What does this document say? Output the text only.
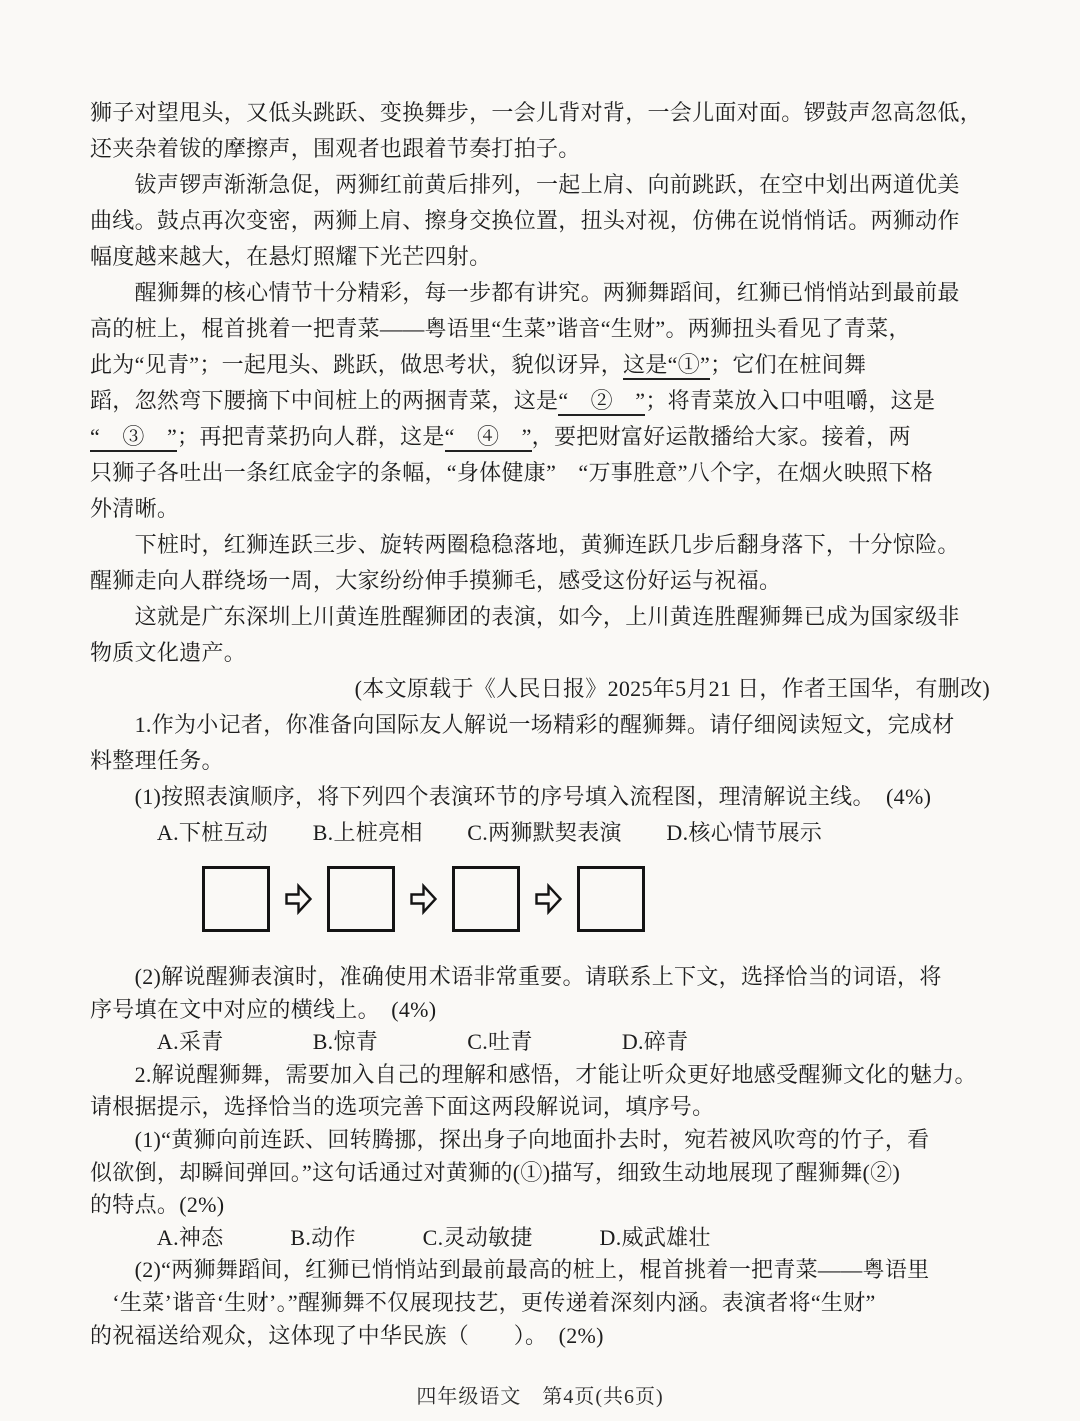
狮子对望甩头，又低头跳跃、变换舞步，一会儿背对背，一会儿面对面。锣鼓声忽高忽低，
还夹杂着钹的摩擦声，围观者也跟着节奏打拍子。
　　钹声锣声渐渐急促，两狮红前黄后排列，一起上肩、向前跳跃，在空中划出两道优美
曲线。鼓点再次变密，两狮上肩、擦身交换位置，扭头对视，仿佛在说悄悄话。两狮动作
幅度越来越大，在悬灯照耀下光芒四射。
　　醒狮舞的核心情节十分精彩，每一步都有讲究。两狮舞蹈间，红狮已悄悄站到最前最
高的桩上，棍首挑着一把青菜——粤语里“生菜”谐音“生财”。两狮扭头看见了青菜，
此为“见青”；一起甩头、跳跃，做思考状，貌似讶异，这是“①”；它们在桩间舞
蹈，忽然弯下腰摘下中间桩上的两捆青菜，这是“　②　”；将青菜放入口中咀嚼，这是
“　③　”；再把青菜扔向人群，这是“　④　”，要把财富好运散播给大家。接着，两
只狮子各吐出一条红底金字的条幅，“身体健康”　“万事胜意”八个字，在烟火映照下格
外清晰。
　　下桩时，红狮连跃三步、旋转两圈稳稳落地，黄狮连跃几步后翻身落下，十分惊险。
醒狮走向人群绕场一周，大家纷纷伸手摸狮毛，感受这份好运与祝福。
　　这就是广东深圳上川黄连胜醒狮团的表演，如今，上川黄连胜醒狮舞已成为国家级非
物质文化遗产。
(本文原载于《人民日报》2025年5月21 日，作者王国华，有删改)
　　1.作为小记者，你准备向国际友人解说一场精彩的醒狮舞。请仔细阅读短文，完成材
料整理任务。
　　(1)按照表演顺序，将下列四个表演环节的序号填入流程图，理清解说主线。　(4%)
　　　A.下桩互动　　B.上桩亮相　　C.两狮默契表演　　D.核心情节展示
　　(2)解说醒狮表演时，准确使用术语非常重要。请联系上下文，选择恰当的词语，将
序号填在文中对应的横线上。　(4%)
　　　A.采青　　　　B.惊青　　　　C.吐青　　　　D.碎青
　　2.解说醒狮舞，需要加入自己的理解和感悟，才能让听众更好地感受醒狮文化的魅力。
请根据提示，选择恰当的选项完善下面这两段解说词，填序号。
　　(1)“黄狮向前连跃、回转腾挪，探出身子向地面扑去时，宛若被风吹弯的竹子，看
似欲倒，却瞬间弹回。”这句话通过对黄狮的(①)描写，细致生动地展现了醒狮舞(②)
的特点。(2%)
　　　A.神态　　　B.动作　　　C.灵动敏捷　　　D.威武雄壮
　　(2)“两狮舞蹈间，红狮已悄悄站到最前最高的桩上，棍首挑着一把青菜——粤语里
　‘生菜’谐音‘生财’。”醒狮舞不仅展现技艺，更传递着深刻内涵。表演者将“生财”
的祝福送给观众，这体现了中华民族（　　）。　(2%)
四年级语文　第4页(共6页)
